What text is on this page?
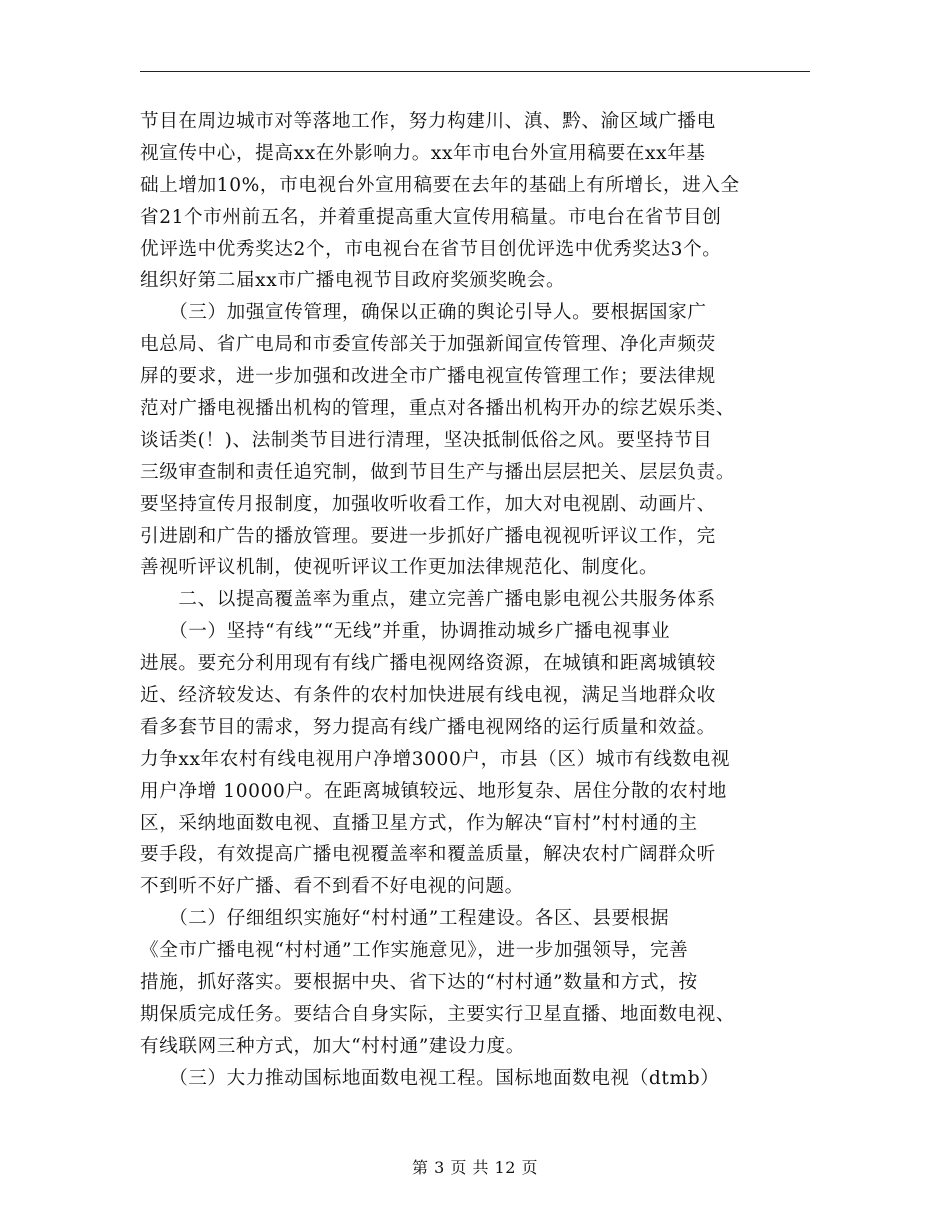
节目在周边城市对等落地工作，努力构建川、滇、黔、渝区域广播电
视宣传中心，提高xx在外影响力。xx年市电台外宣用稿要在xx年基
础上增加10%，市电视台外宣用稿要在去年的基础上有所增长，进入全
省21个市州前五名，并着重提高重大宣传用稿量。市电台在省节目创
优评选中优秀奖达2个，市电视台在省节目创优评选中优秀奖达3个。
组织好第二届xx市广播电视节目政府奖颁奖晚会。

　　（三）加强宣传管理，确保以正确的舆论引导人。要根据国家广
电总局、省广电局和市委宣传部关于加强新闻宣传管理、净化声频荧
屏的要求，进一步加强和改进全市广播电视宣传管理工作；要法律规
范对广播电视播出机构的管理，重点对各播出机构开办的综艺娱乐类、
谈话类(！)、法制类节目进行清理，坚决抵制低俗之风。要坚持节目
三级审查制和责任追究制，做到节目生产与播出层层把关、层层负责。
要坚持宣传月报制度，加强收听收看工作，加大对电视剧、动画片、
引进剧和广告的播放管理。要进一步抓好广播电视视听评议工作，完
善视听评议机制，使视听评议工作更加法律规范化、制度化。

　　二、以提高覆盖率为重点，建立完善广播电影电视公共服务体系

　　（一）坚持“有线”“无线”并重，协调推动城乡广播电视事业
进展。要充分利用现有有线广播电视网络资源，在城镇和距离城镇较
近、经济较发达、有条件的农村加快进展有线电视，满足当地群众收
看多套节目的需求，努力提高有线广播电视网络的运行质量和效益。
力争xx年农村有线电视用户净增3000户，市县（区）城市有线数电视
用户净增 10000户。在距离城镇较远、地形复杂、居住分散的农村地
区，采纳地面数电视、直播卫星方式，作为解决“盲村”村村通的主
要手段，有效提高广播电视覆盖率和覆盖质量，解决农村广阔群众听
不到听不好广播、看不到看不好电视的问题。

　　（二）仔细组织实施好“村村通”工程建设。各区、县要根据
《全市广播电视“村村通”工作实施意见》，进一步加强领导，完善
措施，抓好落实。要根据中央、省下达的“村村通”数量和方式，按
期保质完成任务。要结合自身实际，主要实行卫星直播、地面数电视、
有线联网三种方式，加大“村村通”建设力度。

　　（三）大力推动国标地面数电视工程。国标地面数电视（dtmb）

第 3 页 共 12 页
